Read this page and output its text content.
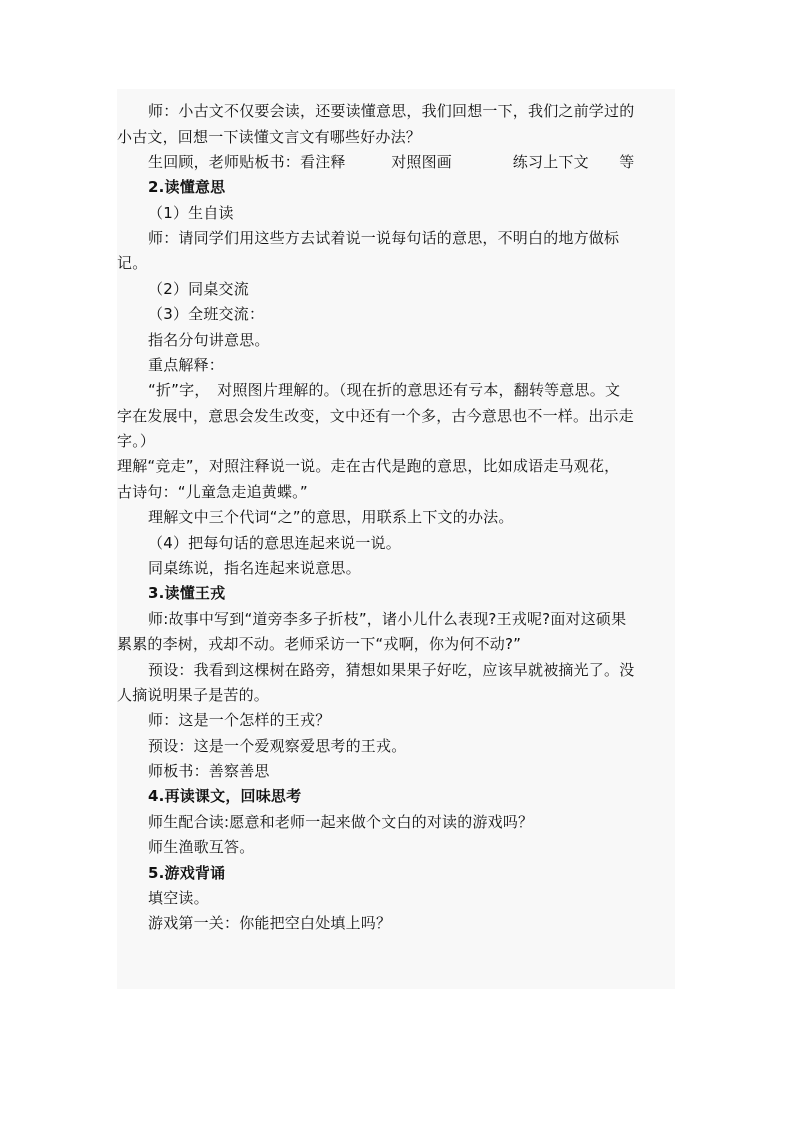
师：小古文不仅要会读，还要读懂意思，我们回想一下，我们之前学过的
小古文，回想一下读懂文言文有哪些好办法？
生回顾，老师贴板书：看注释　　　对照图画　　　　练习上下文　　等
2.读懂意思
（1）生自读
师：请同学们用这些方去试着说一说每句话的意思，不明白的地方做标
记。
（2）同桌交流
（3）全班交流：
指名分句讲意思。
重点解释：
“折”字，　对照图片理解的。（现在折的意思还有亏本，翻转等意思。文
字在发展中，意思会发生改变，文中还有一个多，古今意思也不一样。出示走
字。）
理解“竞走”，对照注释说一说。走在古代是跑的意思，比如成语走马观花，
古诗句：“儿童急走追黄蝶。”
理解文中三个代词“之”的意思，用联系上下文的办法。
（4）把每句话的意思连起来说一说。
同桌练说，指名连起来说意思。
3.读懂王戎
师:故事中写到“道旁李多子折枝”，诸小儿什么表现?王戎呢?面对这硕果
累累的李树，戎却不动。老师采访一下“戎啊，你为何不动?”
预设：我看到这棵树在路旁，猜想如果果子好吃，应该早就被摘光了。没
人摘说明果子是苦的。
师：这是一个怎样的王戎？
预设：这是一个爱观察爱思考的王戎。
师板书：善察善思
4.再读课文，回味思考
师生配合读:愿意和老师一起来做个文白的对读的游戏吗？
师生渔歌互答。
5.游戏背诵
填空读。
游戏第一关：你能把空白处填上吗？
